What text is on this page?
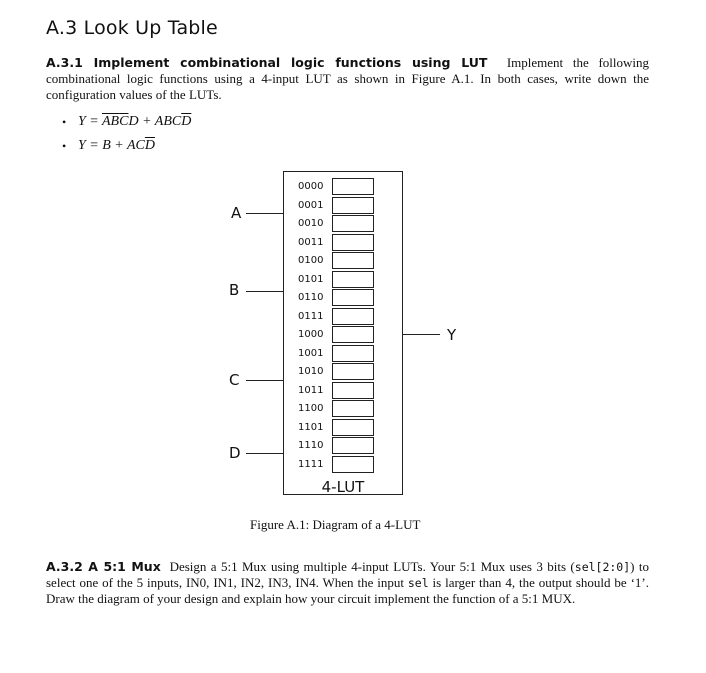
A.3 Look Up Table
A.3.1 Implement combinational logic functions using LUT Implement the following combinational logic functions using a 4-input LUT as shown in Figure A.1. In both cases, write down the configuration values of the LUTs.
• $Y = \overline{A}\overline{B}\overline{C}D + ABC\overline{D}$
• $Y = B + AC\overline{D}$
0000
0001
0010
0011
0100
0101
0110
0111
1000
1001
1010
1011
1100
1101
1110
1111
4-LUT
A
B
C
D
Y
Figure A.1: Diagram of a 4-LUT
A.3.2 A 5:1 Mux Design a 5:1 Mux using multiple 4-input LUTs. Your 5:1 Mux uses 3 bits (sel[2:0]) to select one of the 5 inputs, IN0, IN1, IN2, IN3, IN4. When the input sel is larger than 4, the output should be ‘1’. Draw the diagram of your design and explain how your circuit implement the function of a 5:1 MUX.
